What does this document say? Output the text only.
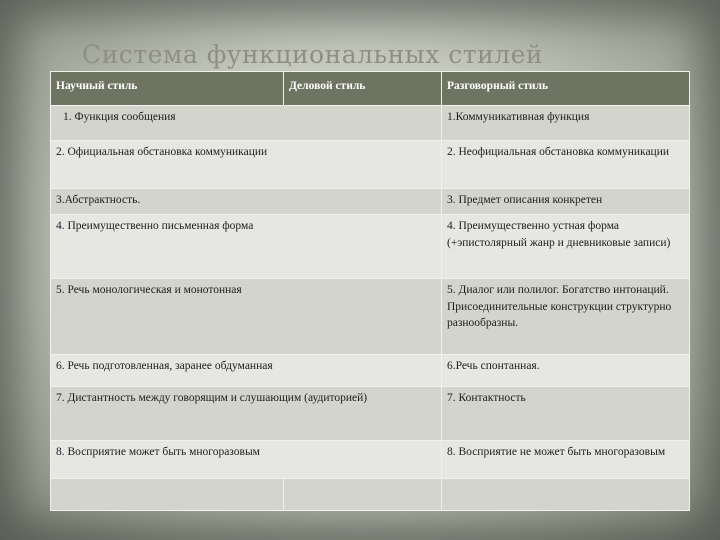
Система функциональных стилей
Научный стиль	Деловой стиль	Разговорный стиль
1. Функция сообщения		1.Коммуникативная функция
2. Официальная обстановка коммуникации		2. Неофициальная обстановка коммуникации
3.Абстрактность.		3. Предмет описания конкретен
4. Преимущественно письменная форма		4. Преимущественно устная форма (+эпистолярный жанр и дневниковые записи)
5. Речь монологическая и монотонная		5. Диалог или полилог. Богатство интонаций. Присоединительные конструкции структурно разнообразны.
6. Речь подготовленная, заранее обдуманная		6.Речь спонтанная.
7. Дистантность между говорящим и слушающим (аудиторией)		7. Контактность
8. Восприятие может быть многоразовым		8. Восприятие не может быть многоразовым
